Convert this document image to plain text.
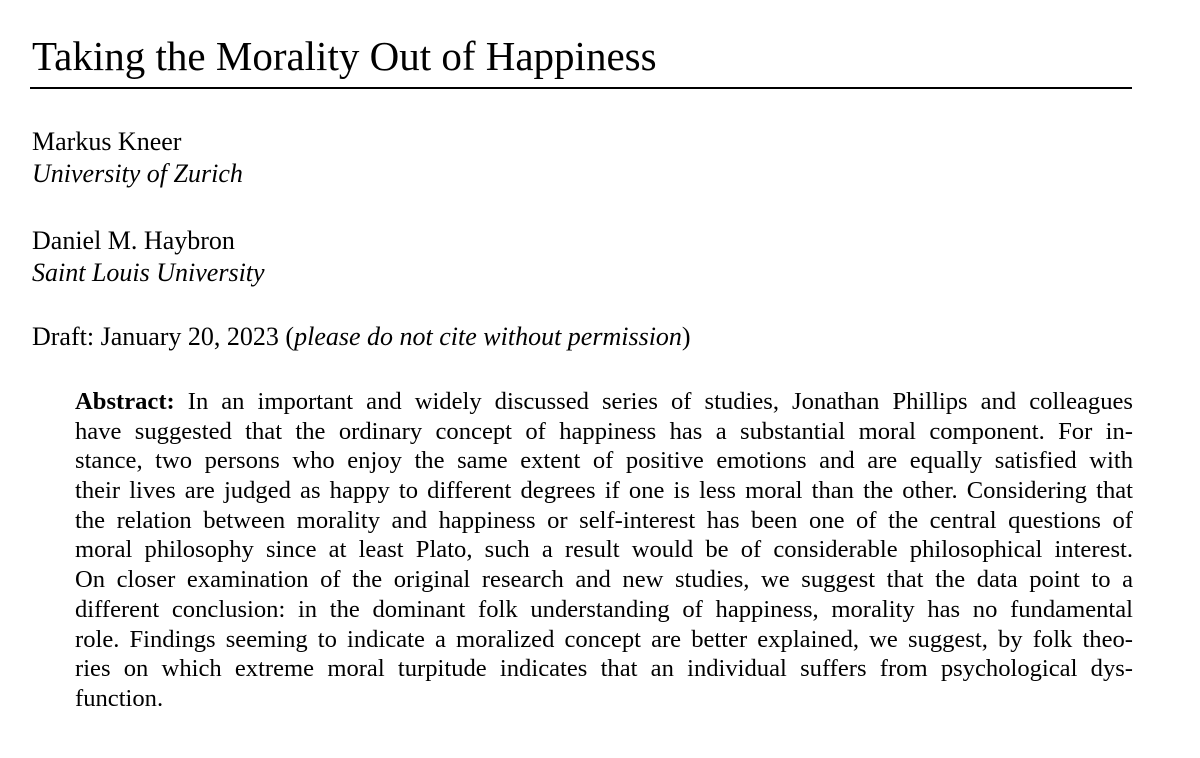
Taking the Morality Out of Happiness
Markus Kneer
University of Zurich
Daniel M. Haybron
Saint Louis University
Draft: January 20, 2023 (please do not cite without permission)
Abstract: In an important and widely discussed series of studies, Jonathan Phillips and colleagues
have suggested that the ordinary concept of happiness has a substantial moral component. For in-
stance, two persons who enjoy the same extent of positive emotions and are equally satisfied with
their lives are judged as happy to different degrees if one is less moral than the other. Considering that
the relation between morality and happiness or self-interest has been one of the central questions of
moral philosophy since at least Plato, such a result would be of considerable philosophical interest.
On closer examination of the original research and new studies, we suggest that the data point to a
different conclusion: in the dominant folk understanding of happiness, morality has no fundamental
role. Findings seeming to indicate a moralized concept are better explained, we suggest, by folk theo-
ries on which extreme moral turpitude indicates that an individual suffers from psychological dys-
function.
